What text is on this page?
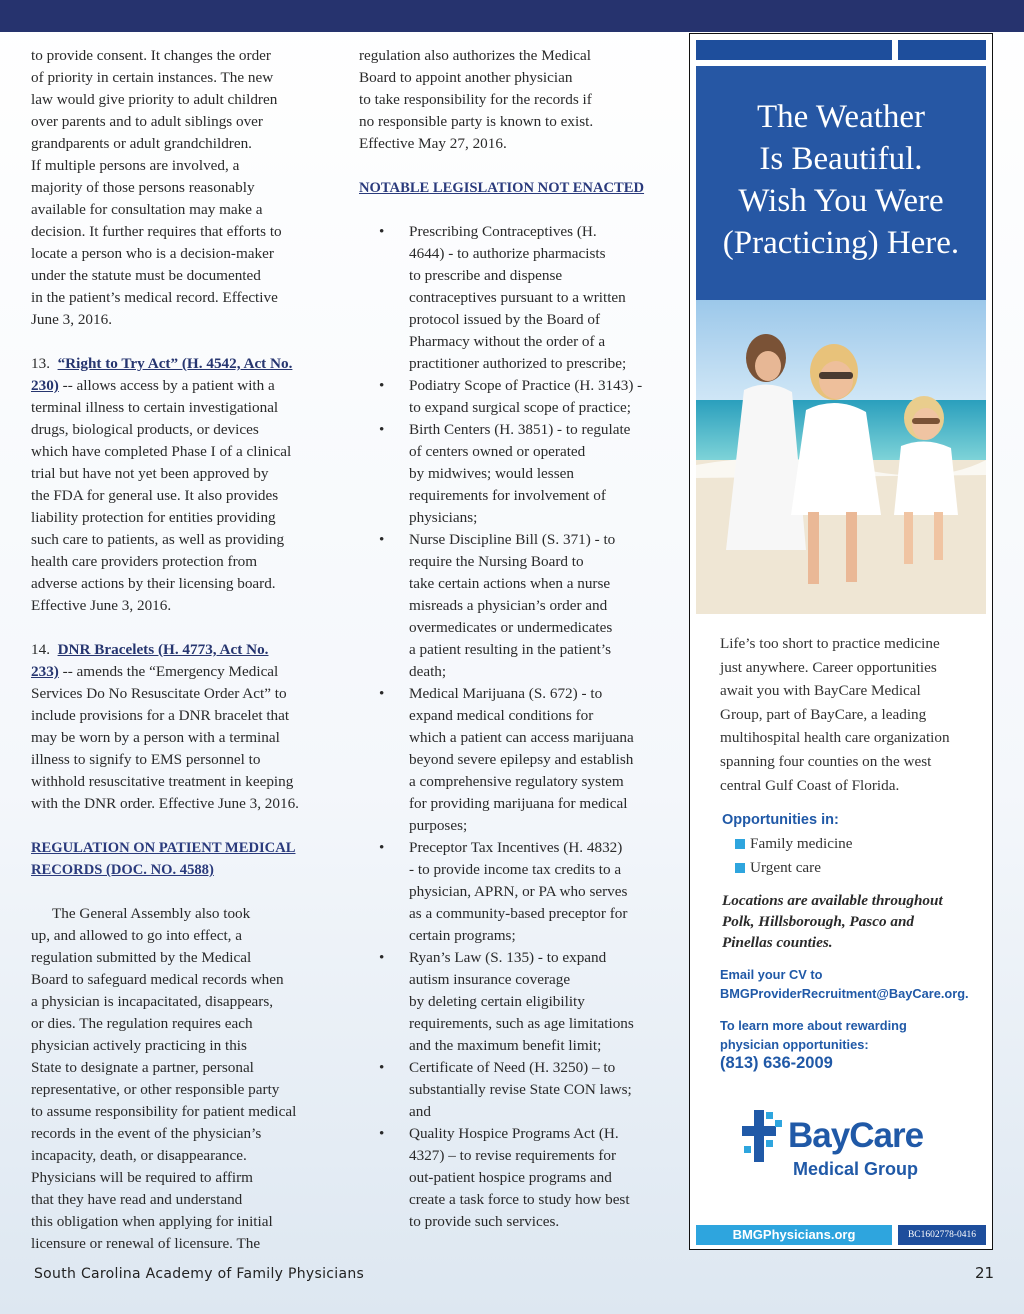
to provide consent. It changes the order
of priority in certain instances. The new
law would give priority to adult children
over parents and to adult siblings over
grandparents or adult grandchildren.
If multiple persons are involved, a
majority of those persons reasonably
available for consultation may make a
decision. It further requires that efforts to
locate a person who is a decision-maker
under the statute must be documented
in the patient’s medical record. Effective
June 3, 2016.
13. “Right to Try Act” (H. 4542, Act No.
230) -- allows access by a patient with a
terminal illness to certain investigational
drugs, biological products, or devices
which have completed Phase I of a clinical
trial but have not yet been approved by
the FDA for general use. It also provides
liability protection for entities providing
such care to patients, as well as providing
health care providers protection from
adverse actions by their licensing board.
Effective June 3, 2016.
14. DNR Bracelets (H. 4773, Act No.
233) -- amends the “Emergency Medical
Services Do No Resuscitate Order Act” to
include provisions for a DNR bracelet that
may be worn by a person with a terminal
illness to signify to EMS personnel to
withhold resuscitative treatment in keeping
with the DNR order. Effective June 3, 2016.
REGULATION ON PATIENT MEDICAL
RECORDS (DOC. NO. 4588)
The General Assembly also took
up, and allowed to go into effect, a
regulation submitted by the Medical
Board to safeguard medical records when
a physician is incapacitated, disappears,
or dies. The regulation requires each
physician actively practicing in this
State to designate a partner, personal
representative, or other responsible party
to assume responsibility for patient medical
records in the event of the physician’s
incapacity, death, or disappearance.
Physicians will be required to affirm
that they have read and understand
this obligation when applying for initial
licensure or renewal of licensure. The
regulation also authorizes the Medical
Board to appoint another physician
to take responsibility for the records if
no responsible party is known to exist.
Effective May 27, 2016.
NOTABLE LEGISLATION NOT ENACTED
• Prescribing Contraceptives (H.
4644) - to authorize pharmacists
to prescribe and dispense
contraceptives pursuant to a written
protocol issued by the Board of
Pharmacy without the order of a
practitioner authorized to prescribe;
• Podiatry Scope of Practice (H. 3143) -
to expand surgical scope of practice;
• Birth Centers (H. 3851) - to regulate
of centers owned or operated
by midwives; would lessen
requirements for involvement of
physicians;
• Nurse Discipline Bill (S. 371) - to
require the Nursing Board to
take certain actions when a nurse
misreads a physician’s order and
overmedicates or undermedicates
a patient resulting in the patient’s
death;
• Medical Marijuana (S. 672) - to
expand medical conditions for
which a patient can access marijuana
beyond severe epilepsy and establish
a comprehensive regulatory system
for providing marijuana for medical
purposes;
• Preceptor Tax Incentives (H. 4832)
- to provide income tax credits to a
physician, APRN, or PA who serves
as a community-based preceptor for
certain programs;
• Ryan’s Law (S. 135) - to expand
autism insurance coverage
by deleting certain eligibility
requirements, such as age limitations
and the maximum benefit limit;
• Certificate of Need (H. 3250) – to
substantially revise State CON laws;
and
• Quality Hospice Programs Act (H.
4327) – to revise requirements for
out-patient hospice programs and
create a task force to study how best
to provide such services.
The Weather
Is Beautiful.
Wish You Were
(Practicing) Here.
Life’s too short to practice medicine
just anywhere. Career opportunities
await you with BayCare Medical
Group, part of BayCare, a leading
multihospital health care organization
spanning four counties on the west
central Gulf Coast of Florida.
Opportunities in:
Family medicine
Urgent care
Locations are available throughout
Polk, Hillsborough, Pasco and
Pinellas counties.
Email your CV to
BMGProviderRecruitment@BayCare.org.
To learn more about rewarding
physician opportunities:
(813) 636-2009
BayCare
Medical Group
BMGPhysicians.org	BC1602778-0416
South Carolina Academy of Family Physicians	21
